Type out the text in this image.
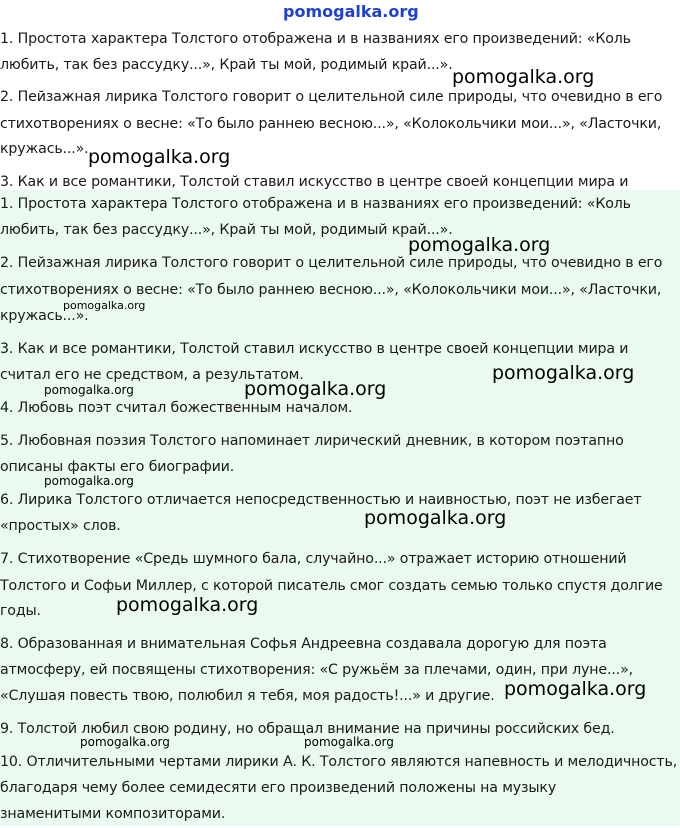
pomogalka.org
1. Простота характера Толстого отображена и в названиях его произведений: «Коль
любить, так без рассудку...», Край ты мой, родимый край...».
2. Пейзажная лирика Толстого говорит о целительной силе природы, что очевидно в его
стихотворениях о весне: «То было раннею весною...», «Колокольчики мои...», «Ласточки,
кружась...».
3. Как и все романтики, Толстой ставил искусство в центре своей концепции мира и
1. Простота характера Толстого отображена и в названиях его произведений: «Коль
любить, так без рассудку...», Край ты мой, родимый край...».
2. Пейзажная лирика Толстого говорит о целительной силе природы, что очевидно в его
стихотворениях о весне: «То было раннею весною...», «Колокольчики мои...», «Ласточки,
кружась...».
3. Как и все романтики, Толстой ставил искусство в центре своей концепции мира и
считал его не средством, а результатом.
4. Любовь поэт считал божественным началом.
5. Любовная поэзия Толстого напоминает лирический дневник, в котором поэтапно
описаны факты его биографии.
6. Лирика Толстого отличается непосредственностью и наивностью, поэт не избегает
«простых» слов.
7. Стихотворение «Средь шумного бала, случайно...» отражает историю отношений
Толстого и Софьи Миллер, с которой писатель смог создать семью только спустя долгие
годы.
8. Образованная и внимательная Софья Андреевна создавала дорогую для поэта
атмосферу, ей посвящены стихотворения: «С ружьём за плечами, один, при луне...»,
«Слушая повесть твою, полюбил я тебя, моя радость!...» и другие.
9. Толстой любил свою родину, но обращал внимание на причины российских бед.
10. Отличительными чертами лирики А. К. Толстого являются напевность и мелодичность,
благодаря чему более семидесяти его произведений положены на музыку
знаменитыми композиторами.
pomogalka.org
pomogalka.org
pomogalka.org
pomogalka.org
pomogalka.org
pomogalka.org
pomogalka.org
pomogalka.org
pomogalka.org
pomogalka.org
pomogalka.org
pomogalka.org	pomogalka.org
